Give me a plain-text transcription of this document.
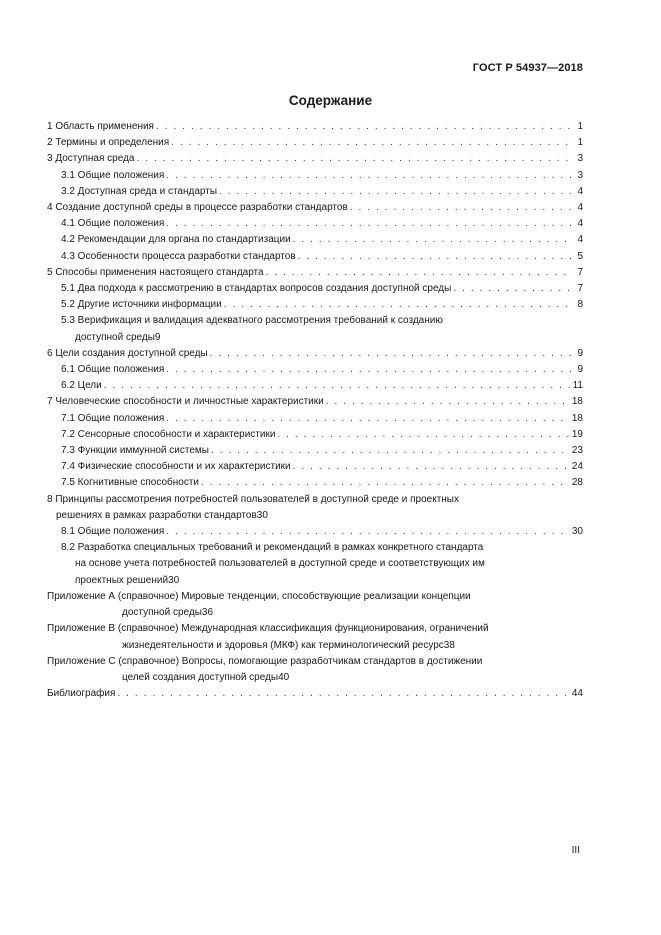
ГОСТ Р 54937—2018
Содержание
1 Область применения . . .	1
2 Термины и определения . . .	1
3 Доступная среда . . .	3
3.1 Общие положения . . .	3
3.2 Доступная среда и стандарты . . .	4
4 Создание доступной среды в процессе разработки стандартов . . .	4
4.1 Общие положения . . .	4
4.2 Рекомендации для органа по стандартизации . . .	4
4.3 Особенности процесса разработки стандартов . . .	5
5 Способы применения настоящего стандарта . . .	7
5.1 Два подхода к рассмотрению в стандартах вопросов создания доступной среды . . .	7
5.2 Другие источники информации . . .	8
5.3 Верификация и валидация адекватного рассмотрения требований к созданию
доступной среды 9
6 Цели создания доступной среды . . .	9
6.1 Общие положения . . .	9
6.2 Цели . . .	11
7 Человеческие способности и личностные характеристики . . .	18
7.1 Общие положения . . .	18
7.2 Сенсорные способности и характеристики . . .	19
7.3 Функции иммунной системы . . .	23
7.4 Физические способности и их характеристики . . .	24
7.5 Когнитивные способности . . .	28
8 Принципы рассмотрения потребностей пользователей в доступной среде и проектных
решениях в рамках разработки стандартов 30
8.1 Общие положения . . .	30
8.2 Разработка специальных требований и рекомендаций в рамках конкретного стандарта
на основе учета потребностей пользователей в доступной среде и соответствующих им
проектных решений 30
Приложение А (справочное) Мировые тенденции, способствующие реализации концепции
доступной среды 36
Приложение В (справочное) Международная классификация функционирования, ограничений
жизнедеятельности и здоровья (МКФ) как терминологический ресурс 38
Приложение С (справочное) Вопросы, помогающие разработчикам стандартов в достижении
целей создания доступной среды 40
Библиография . . .	44
III
